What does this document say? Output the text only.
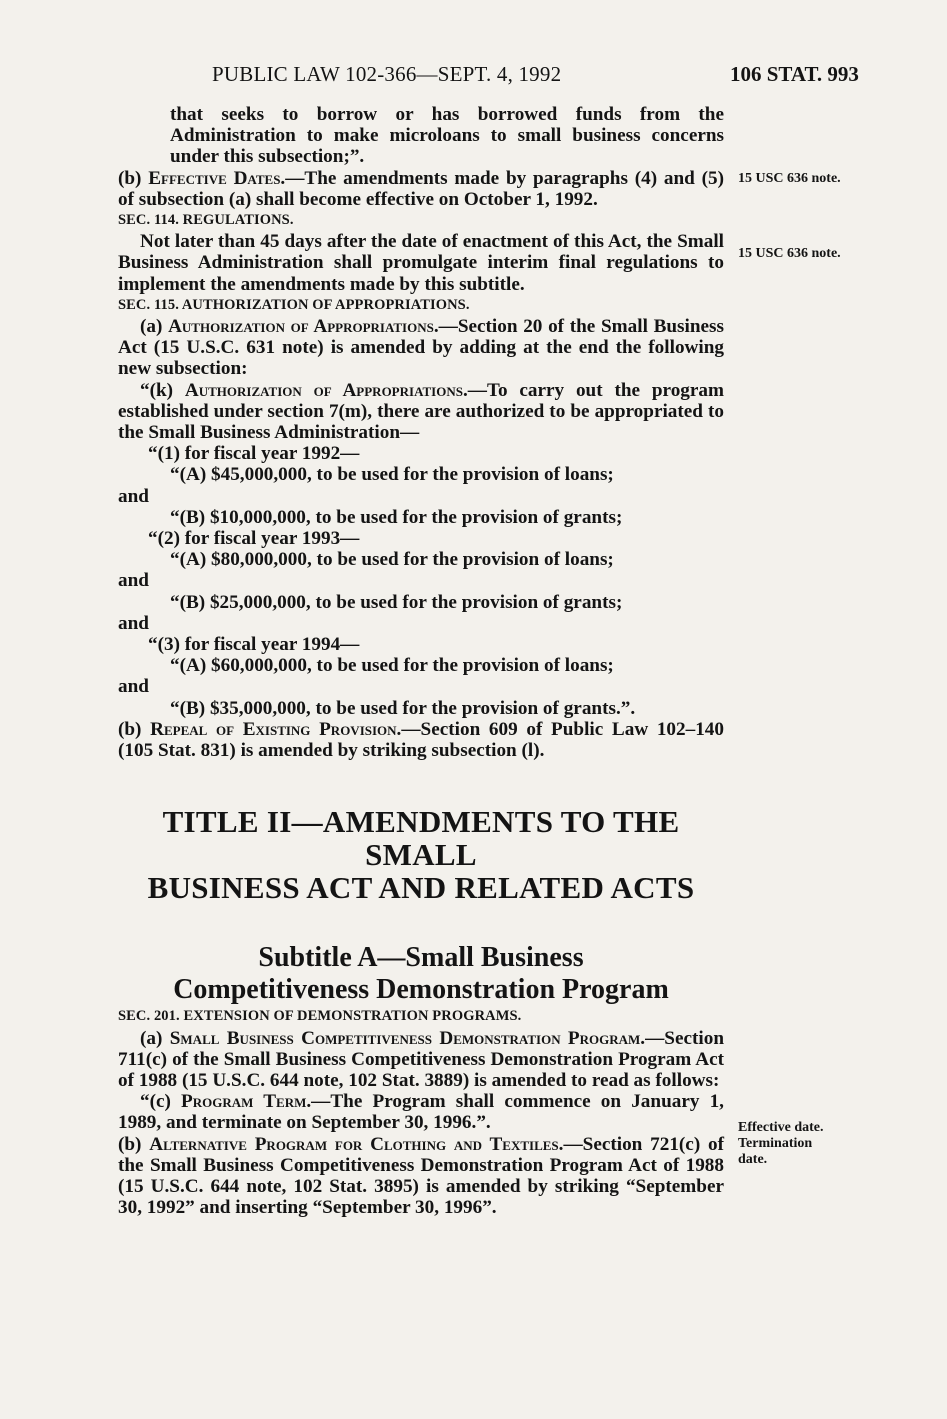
PUBLIC LAW 102-366—SEPT. 4, 1992	106 STAT. 993
15 USC 636 note.
15 USC 636 note.
Effective date.
Termination
date.

that seeks to borrow or has borrowed funds from the Administration to make microloans to small business concerns under this subsection;”.

(b) Effective Dates.—The amendments made by paragraphs (4) and (5) of subsection (a) shall become effective on October 1, 1992.

SEC. 114. REGULATIONS.

Not later than 45 days after the date of enactment of this Act, the Small Business Administration shall promulgate interim final regulations to implement the amendments made by this subtitle.

SEC. 115. AUTHORIZATION OF APPROPRIATIONS.

(a) Authorization of Appropriations.—Section 20 of the Small Business Act (15 U.S.C. 631 note) is amended by adding at the end the following new subsection:

“(k) Authorization of Appropriations.—To carry out the program established under section 7(m), there are authorized to be appropriated to the Small Business Administration—

“(1) for fiscal year 1992—

“(A) $45,000,000, to be used for the provision of loans;

and

“(B) $10,000,000, to be used for the provision of grants;

“(2) for fiscal year 1993—

“(A) $80,000,000, to be used for the provision of loans;

and

“(B) $25,000,000, to be used for the provision of grants;

and

“(3) for fiscal year 1994—

“(A) $60,000,000, to be used for the provision of loans;

and

“(B) $35,000,000, to be used for the provision of grants.”.

(b) Repeal of Existing Provision.—Section 609 of Public Law 102–140 (105 Stat. 831) is amended by striking subsection (l).

TITLE II—AMENDMENTS TO THE SMALL
BUSINESS ACT AND RELATED ACTS
Subtitle A—Small Business
Competitiveness Demonstration Program

SEC. 201. EXTENSION OF DEMONSTRATION PROGRAMS.

(a) Small Business Competitiveness Demonstration Program.—Section 711(c) of the Small Business Competitiveness Demonstration Program Act of 1988 (15 U.S.C. 644 note, 102 Stat. 3889) is amended to read as follows:

“(c) Program Term.—The Program shall commence on January 1, 1989, and terminate on September 30, 1996.”.

(b) Alternative Program for Clothing and Textiles.—Section 721(c) of the Small Business Competitiveness Demonstration Program Act of 1988 (15 U.S.C. 644 note, 102 Stat. 3895) is amended by striking “September 30, 1992” and inserting “September 30, 1996”.
